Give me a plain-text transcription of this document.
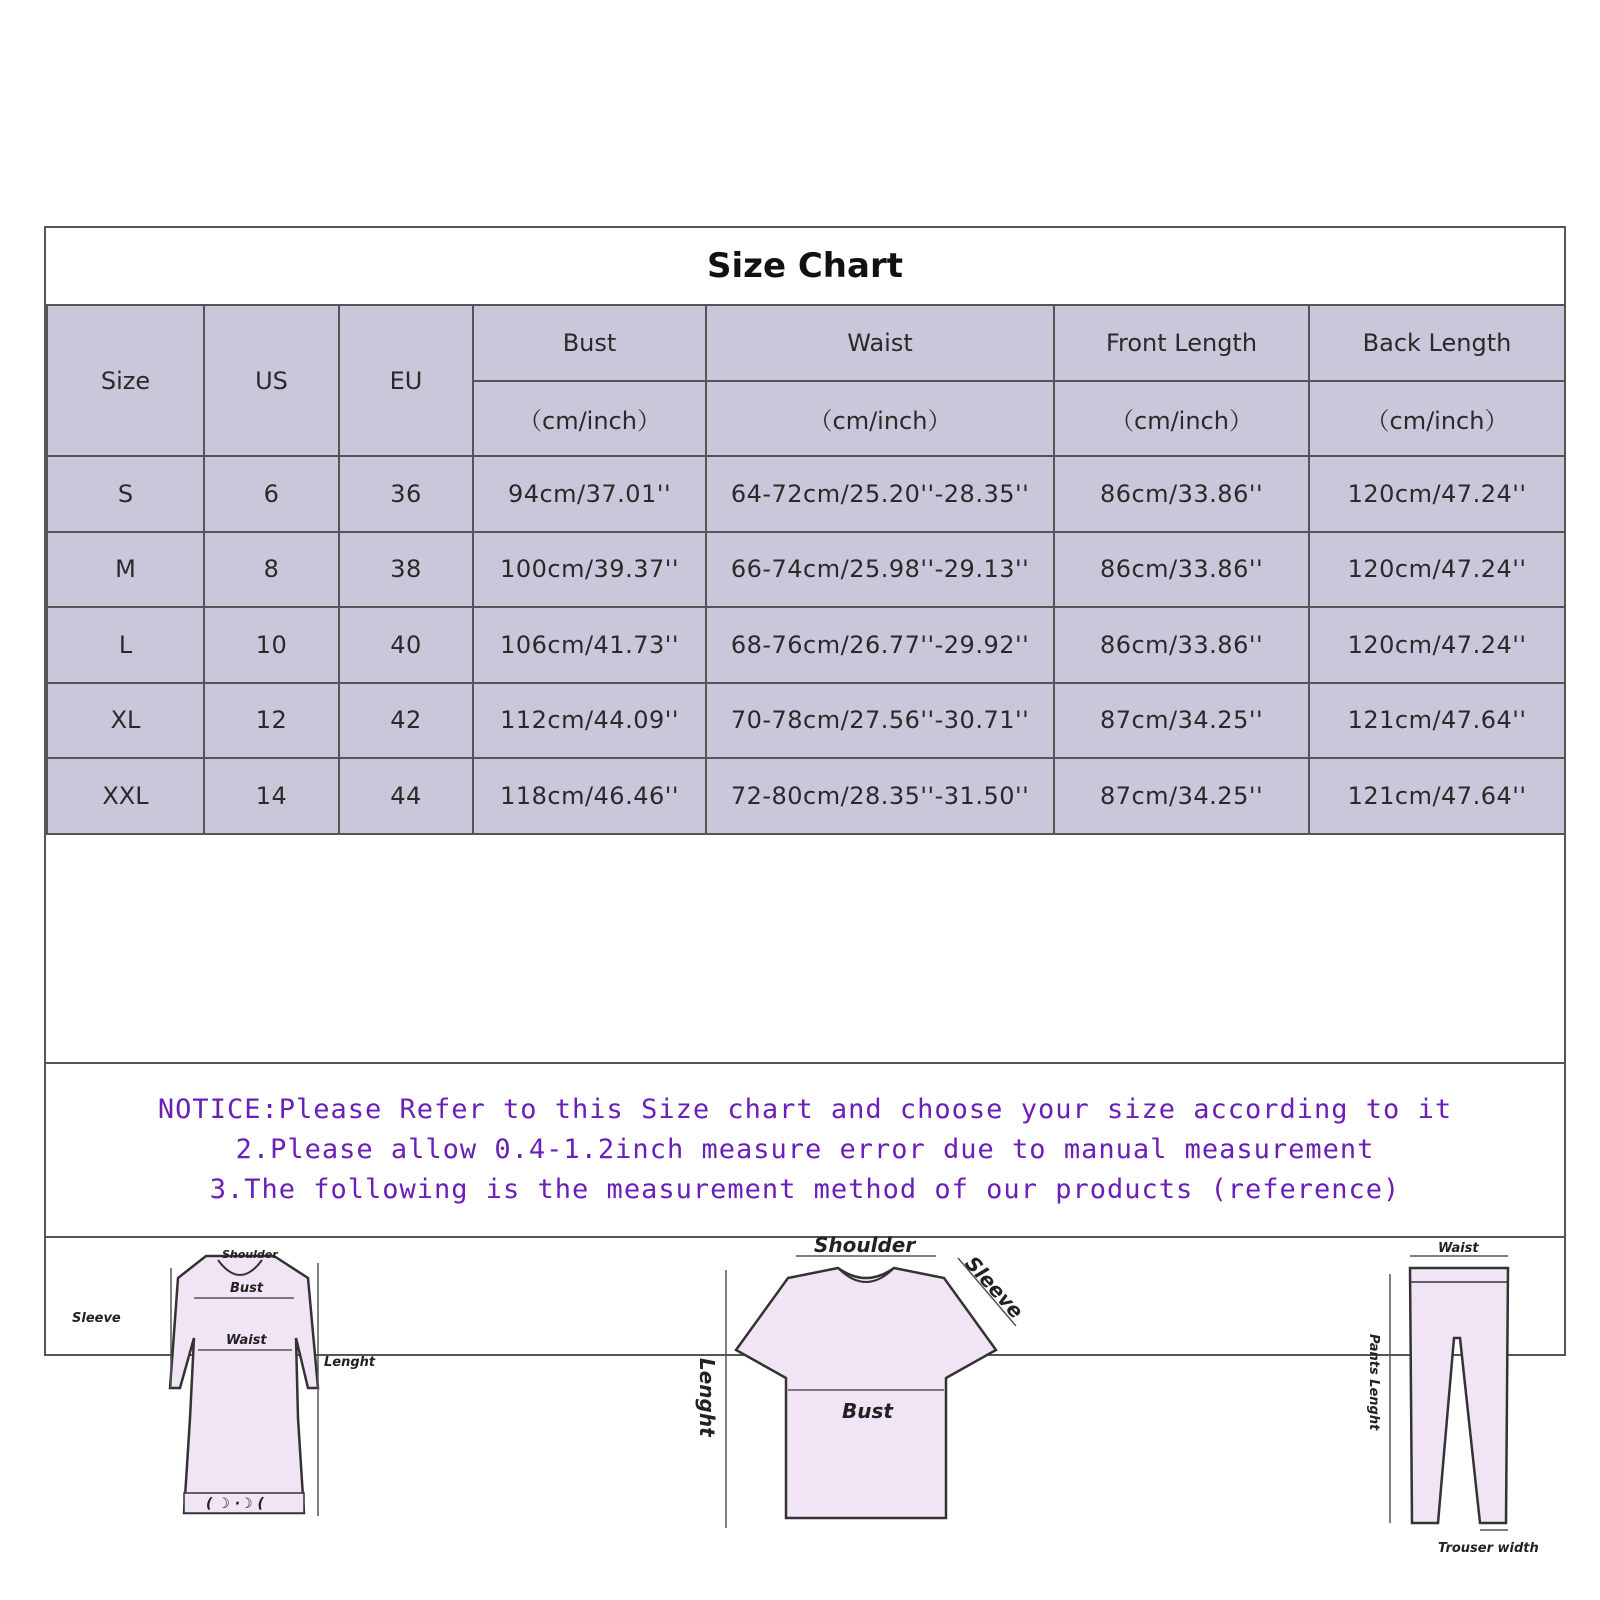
Size Chart
Size	US	EU	Bust	Waist	Front Length	Back Length
			（cm/inch）	（cm/inch）	（cm/inch）	（cm/inch）
S	6	36	94cm/37.01''	64-72cm/25.20''-28.35''	86cm/33.86''	120cm/47.24''
M	8	38	100cm/39.37''	66-74cm/25.98''-29.13''	86cm/33.86''	120cm/47.24''
L	10	40	106cm/41.73''	68-76cm/26.77''-29.92''	86cm/33.86''	120cm/47.24''
XL	12	42	112cm/44.09''	70-78cm/27.56''-30.71''	87cm/34.25''	121cm/47.64''
XXL	14	44	118cm/46.46''	72-80cm/28.35''-31.50''	87cm/34.25''	121cm/47.64''
NOTICE:Please Refer to this Size chart and choose your size according to it
2.Please allow 0.4-1.2inch measure error due to manual measurement
3.The following is the measurement method of our products (reference)
( ☽ ·☽ (
Shoulder
Bust
Waist
Sleeve
Lenght
Shoulder
Sleeve
Lenght	Bust
Waist
Pants Lenght
Trouser width
